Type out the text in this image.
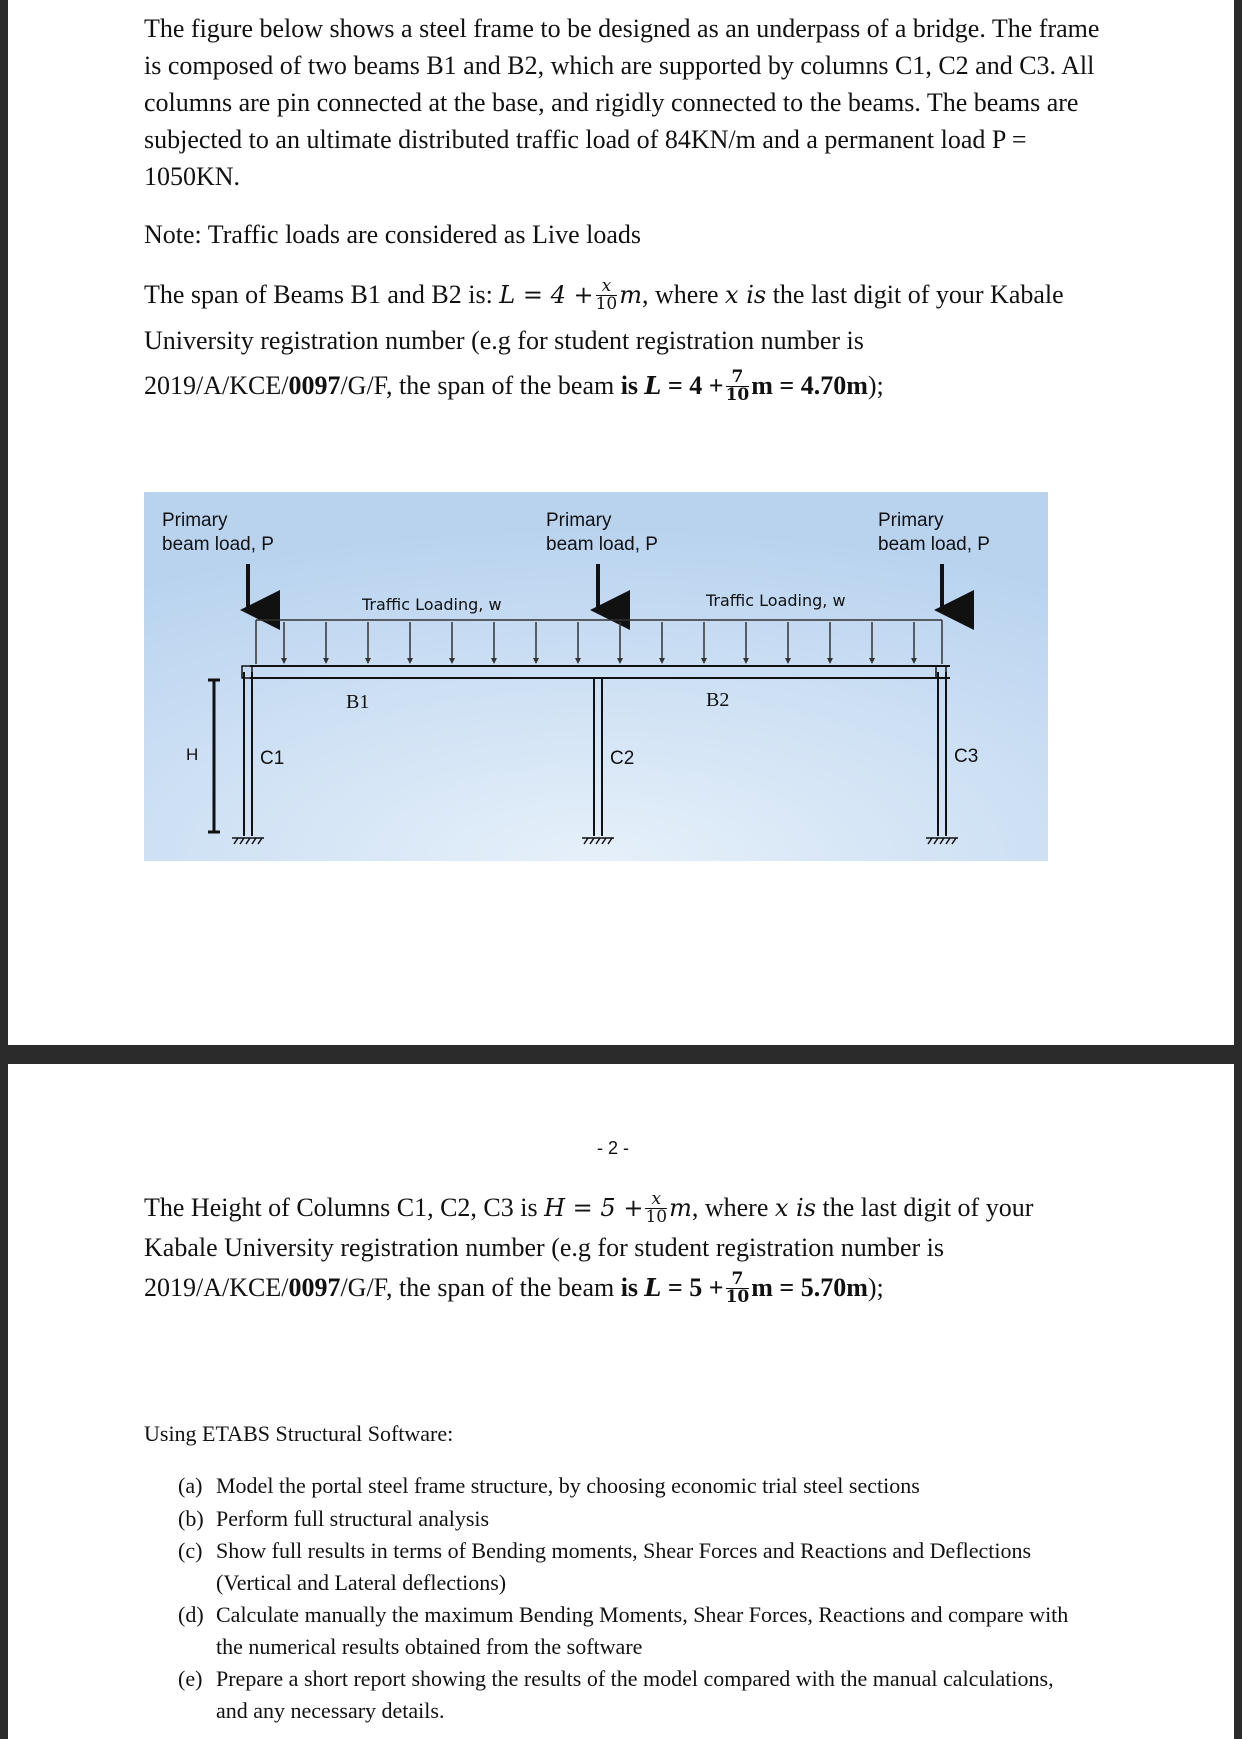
The figure below shows a steel frame to be designed as an underpass of a bridge. The frame is composed of two beams B1 and B2, which are supported by columns C1, C2 and C3. All columns are pin connected at the base, and rigidly connected to the beams. The beams are subjected to an ultimate distributed traffic load of 84KN/m and a permanent load P = 1050KN.
Note: Traffic loads are considered as Live loads
The span of Beams B1 and B2 is: $L = 4 + \frac{x}{10} m$, where x is the last digit of your Kabale University registration number (e.g for student registration number is 2019/A/KCE/0097/G/F, the span of the beam is $L = 4 + \frac{7}{10}$ m = 4.70m);
Primary
beam load, P
Primary
beam load, P
Primary
beam load, P
Traffic Loading, w	Traffic Loading, w
B1	B2
C1	C2	C3
H
- 2 -
The Height of Columns C1, C2, C3 is $H = 5 + \frac{x}{10} m$, where x is the last digit of your Kabale University registration number (e.g for student registration number is 2019/A/KCE/0097/G/F, the span of the beam is $L = 5 + \frac{7}{10}$ m = 5.70m);
Using ETABS Structural Software:
(a) Model the portal steel frame structure, by choosing economic trial steel sections
(b) Perform full structural analysis
(c) Show full results in terms of Bending moments, Shear Forces and Reactions and Deflections (Vertical and Lateral deflections)
(d) Calculate manually the maximum Bending Moments, Shear Forces, Reactions and compare with the numerical results obtained from the software
(e) Prepare a short report showing the results of the model compared with the manual calculations, and any necessary details.
